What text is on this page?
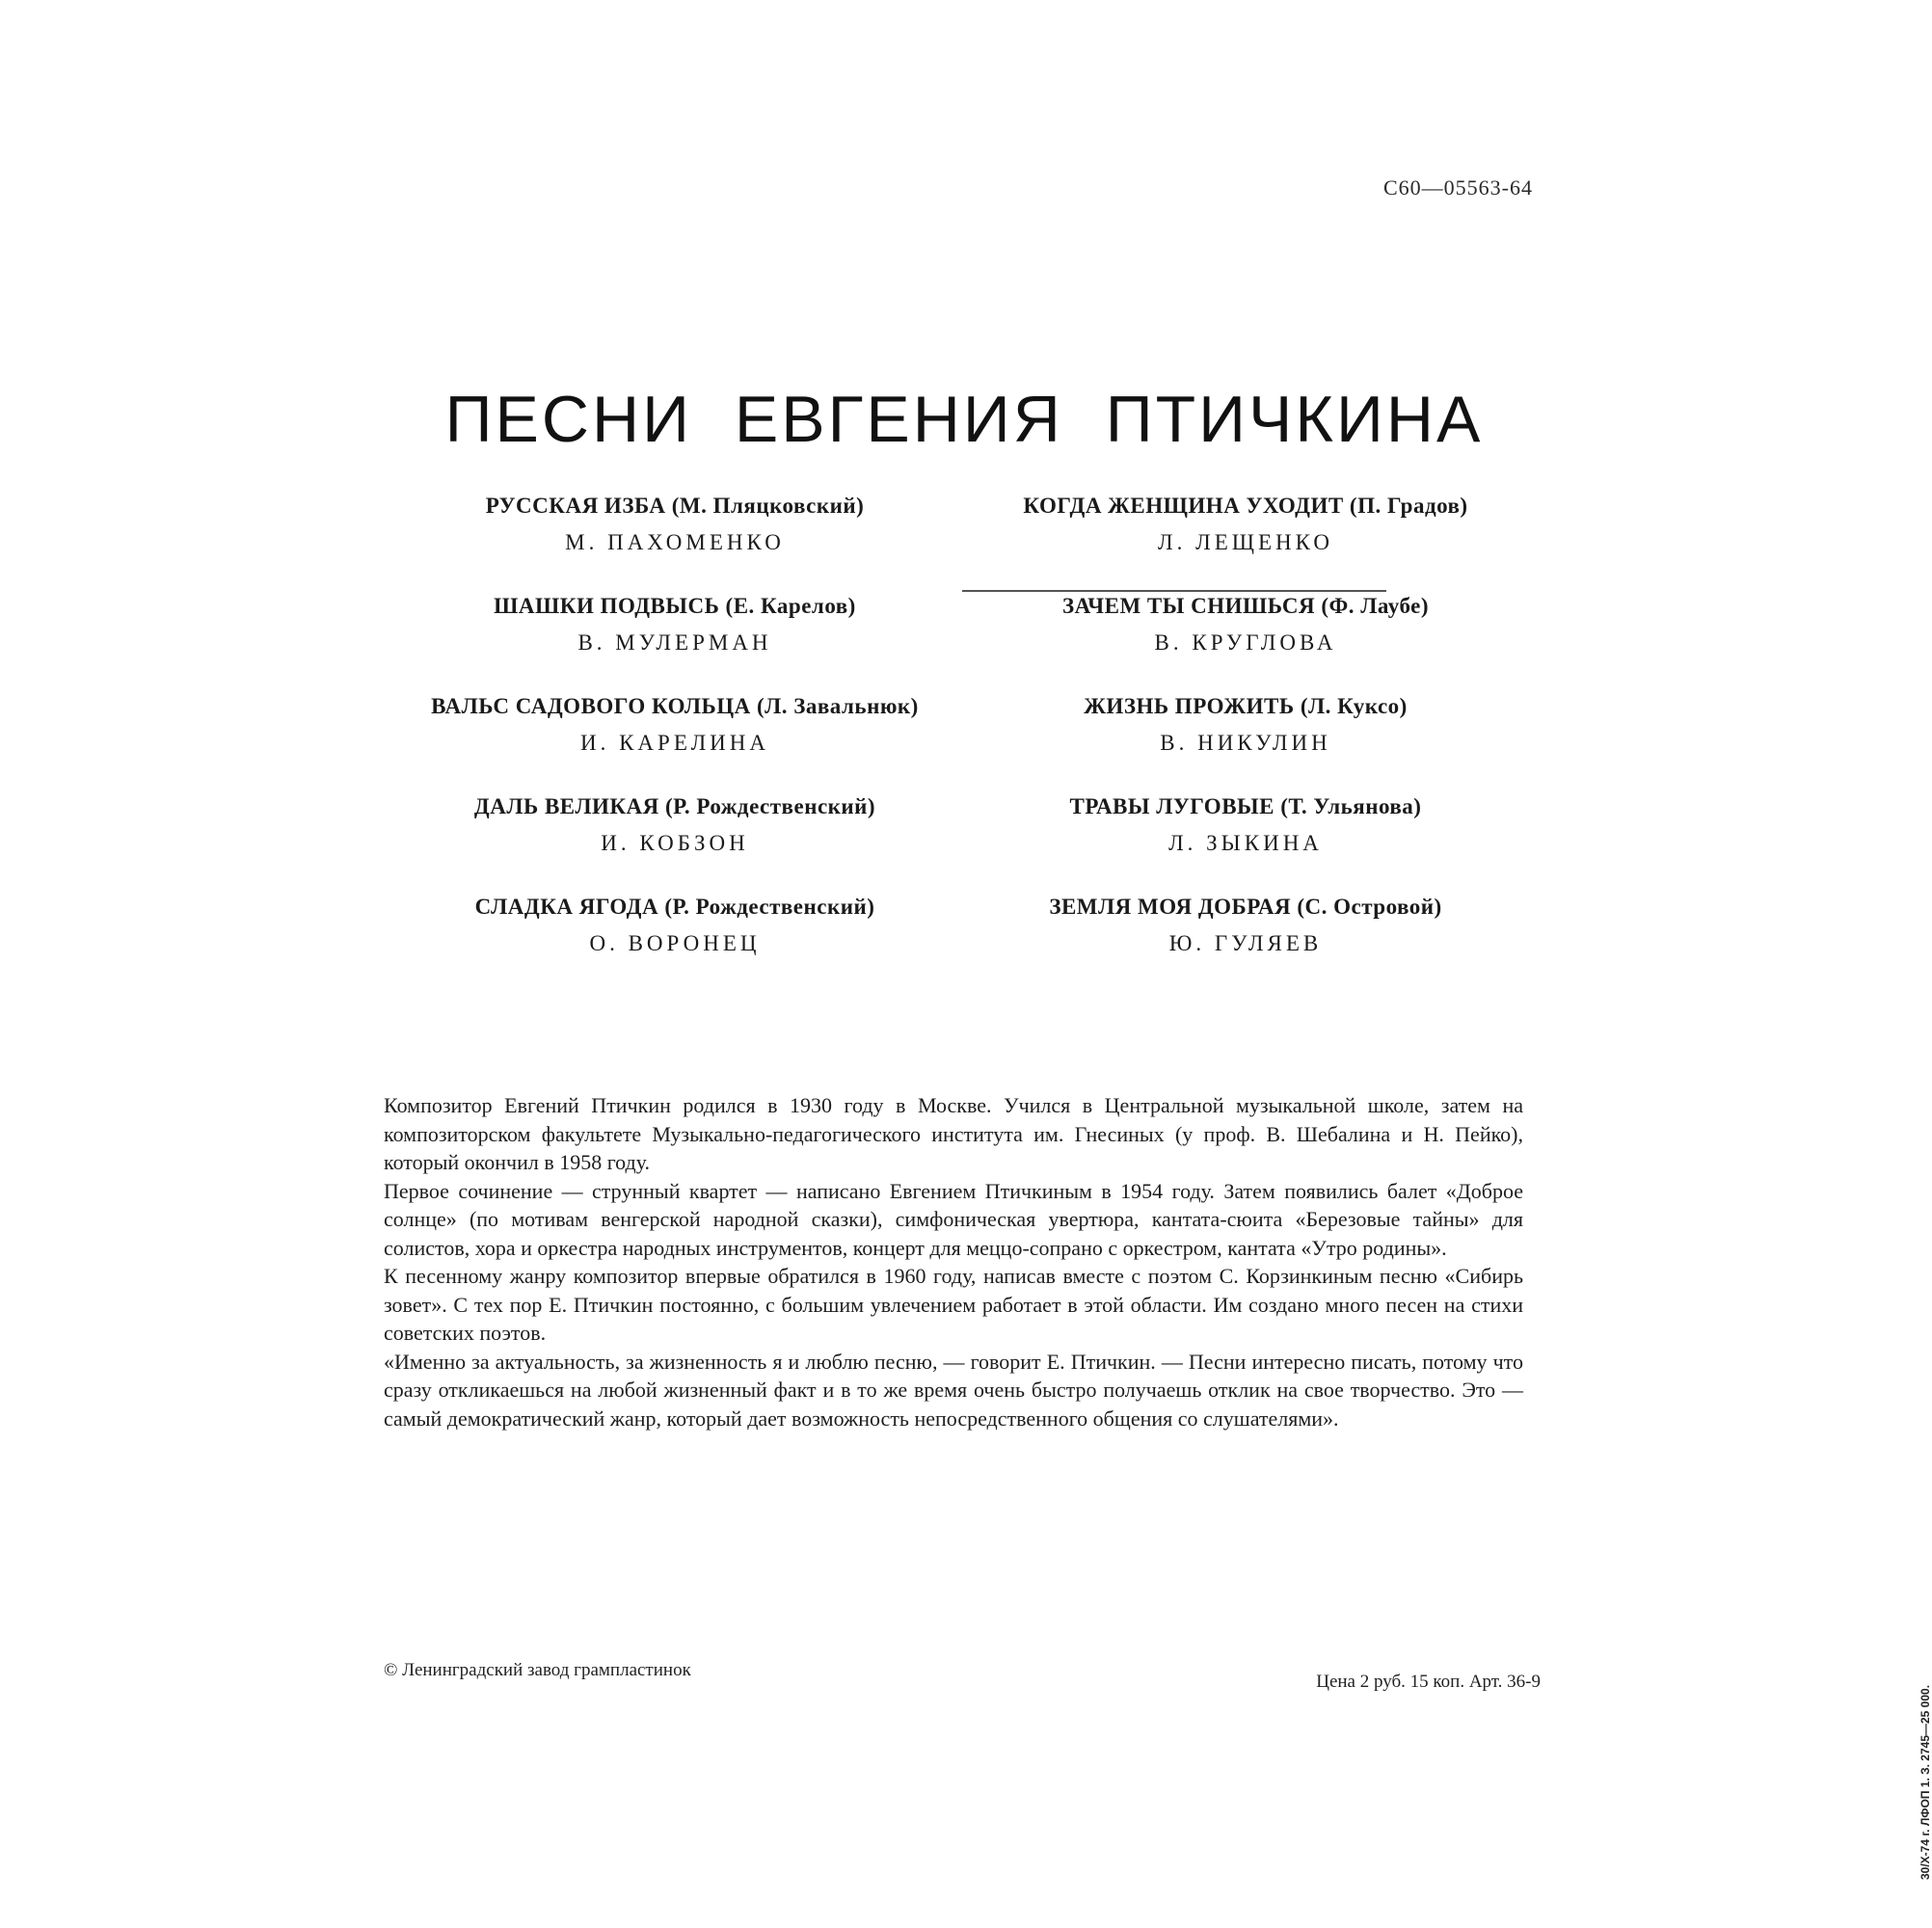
С60—05563-64
ПЕСНИ ЕВГЕНИЯ ПТИЧКИНА
РУССКАЯ ИЗБА (М. Пляцковский)
М. ПАХОМЕНКО
ШАШКИ ПОДВЫСЬ (Е. Карелов)
В. МУЛЕРМАН
ВАЛЬС САДОВОГО КОЛЬЦА (Л. Завальнюк)
И. КАРЕЛИНА
ДАЛЬ ВЕЛИКАЯ (Р. Рождественский)
И. КОБЗОН
СЛАДКА ЯГОДА (Р. Рождественский)
О. ВОРОНЕЦ
КОГДА ЖЕНЩИНА УХОДИТ (П. Градов)
Л. ЛЕЩЕНКО
ЗАЧЕМ ТЫ СНИШЬСЯ (Ф. Лаубе)
В. КРУГЛОВА
ЖИЗНЬ ПРОЖИТЬ (Л. Куксо)
В. НИКУЛИН
ТРАВЫ ЛУГОВЫЕ (Т. Ульянова)
Л. ЗЫКИНА
ЗЕМЛЯ МОЯ ДОБРАЯ (С. Островой)
Ю. ГУЛЯЕВ

Композитор Евгений Птичкин родился в 1930 году в Москве. Учился в Центральной музыкальной школе, затем на композиторском факультете Музыкально-педагогического института им. Гнесиных (у проф. В. Шебалина и Н. Пейко), который окончил в 1958 году.

Первое сочинение — струнный квартет — написано Евгением Птичкиным в 1954 году. Затем появились балет «Доброе солнце» (по мотивам венгерской народной сказки), симфоническая увертюра, кантата-сюита «Березовые тайны» для солистов, хора и оркестра народных инструментов, концерт для меццо-сопрано с оркестром, кантата «Утро родины».

К песенному жанру композитор впервые обратился в 1960 году, написав вместе с поэтом С. Корзинкиным песню «Сибирь зовет». С тех пор Е. Птичкин постоянно, с большим увлечением работает в этой области. Им создано много песен на стихи советских поэтов.

«Именно за актуальность, за жизненность я и люблю песню, — говорит Е. Птичкин. — Песни интересно писать, потому что сразу откликаешься на любой жизненный факт и в то же время очень быстро получаешь отклик на свое творчество. Это — самый демократический жанр, который дает возможность непосредственного общения со слушателями».

© Ленинградский завод грампластинок
Цена 2 руб. 15 коп. Арт. 36-9
30/X-74 г. ЛФОП 1. З. 2745—25 000.
